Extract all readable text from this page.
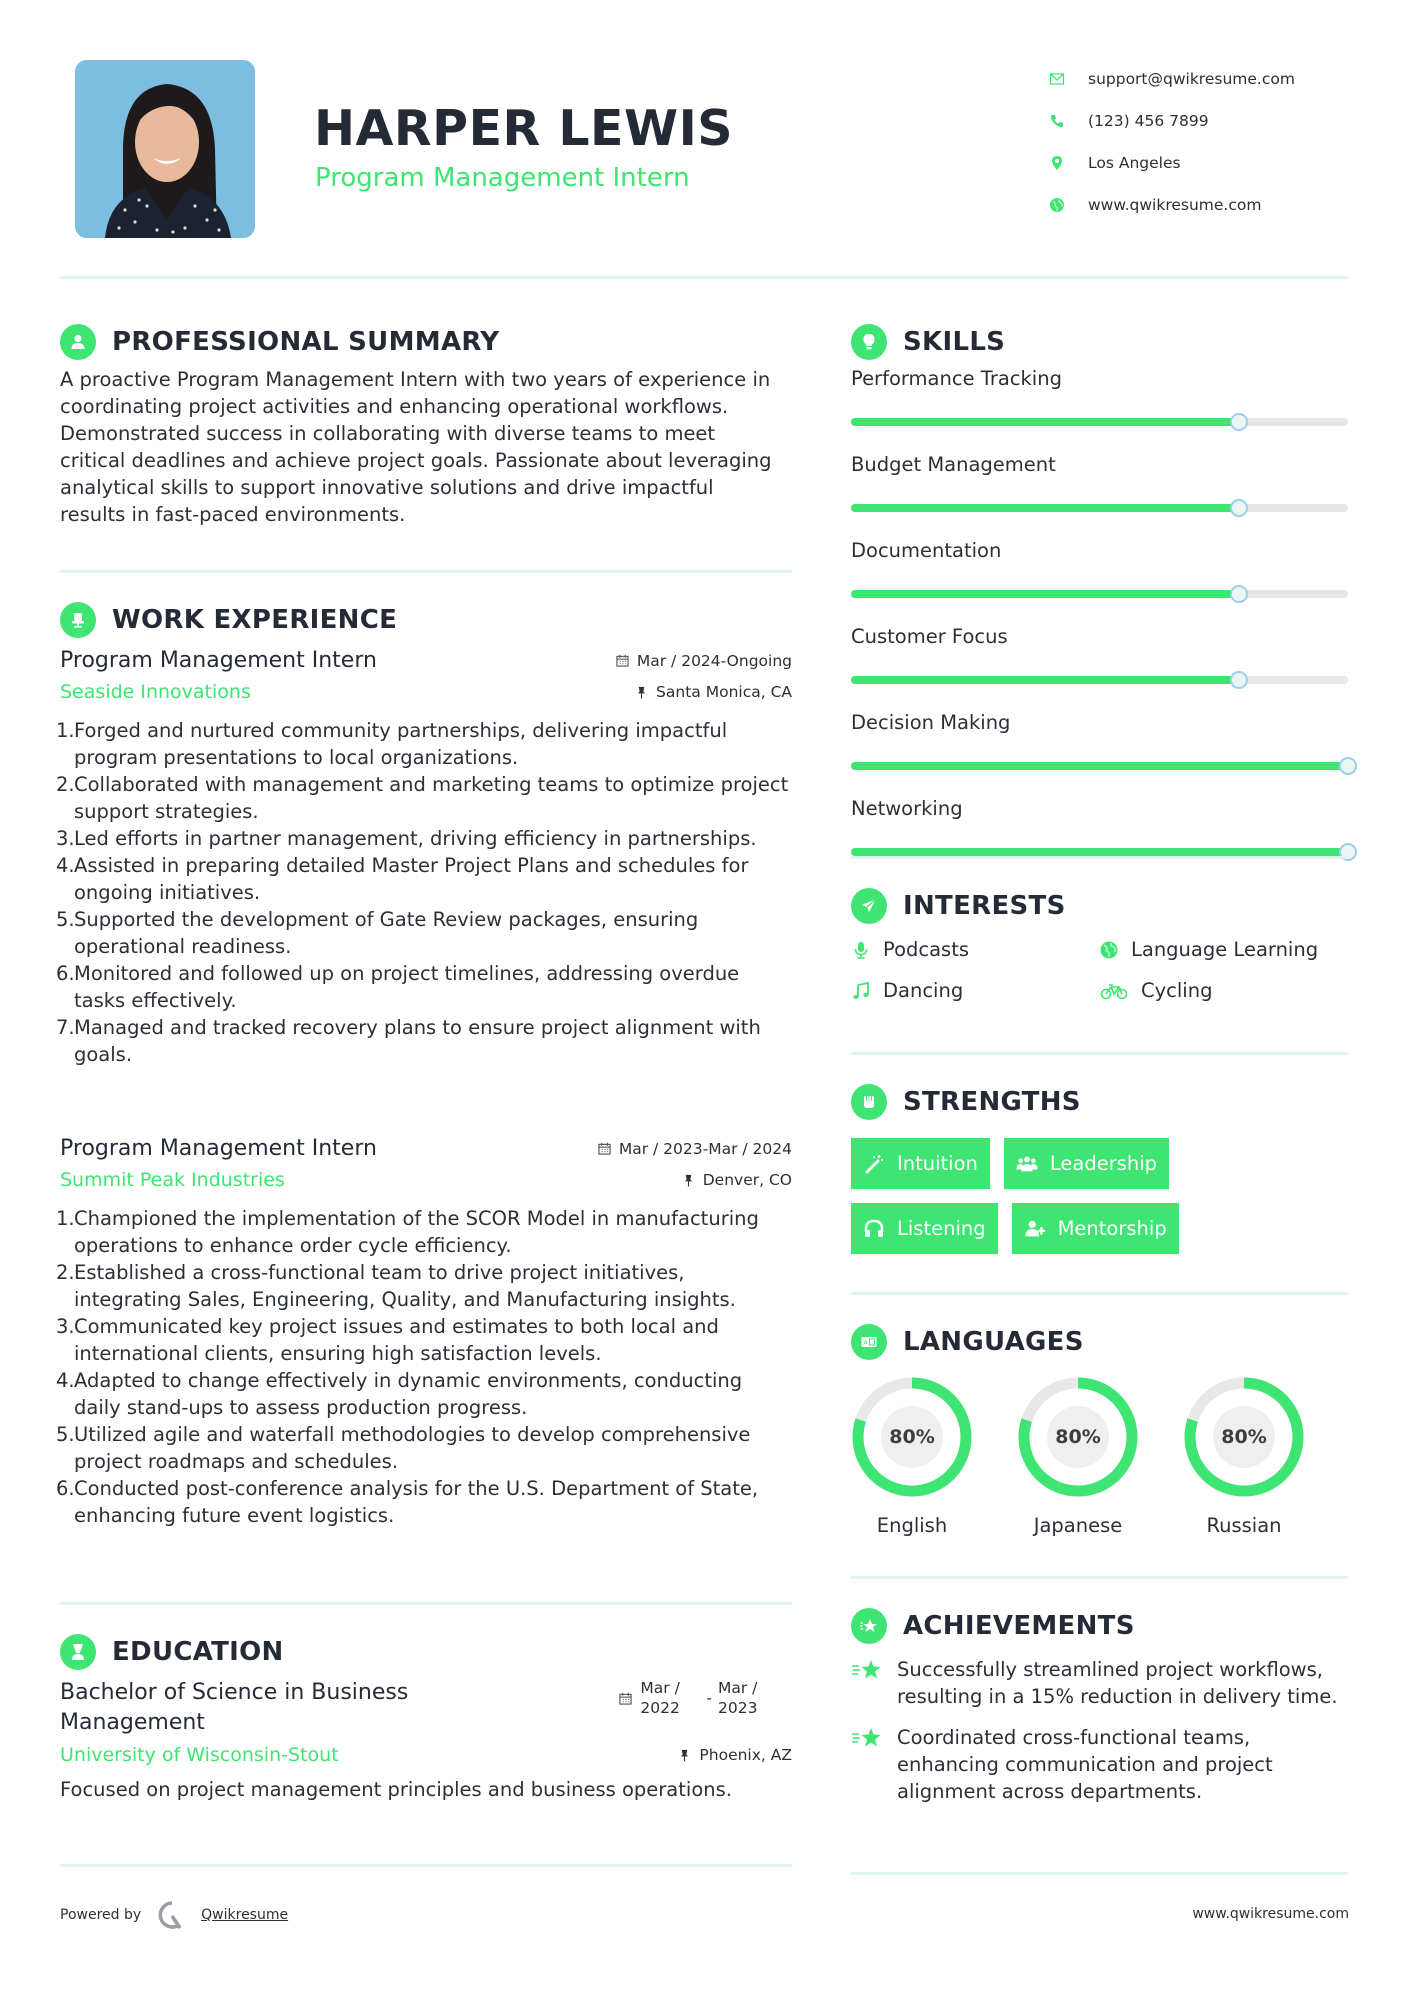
HARPER LEWIS
Program Management Intern
support@qwikresume.com
(123) 456 7899
Los Angeles
www.qwikresume.com
PROFESSIONAL SUMMARY

A proactive Program Management Intern with two years of experience in coordinating project activities and enhancing operational workflows. Demonstrated success in collaborating with diverse teams to meet critical deadlines and achieve project goals. Passionate about leveraging analytical skills to support innovative solutions and drive impactful results in fast-paced environments.

WORK EXPERIENCE
Program Management Intern	Mar / 2024-Ongoing
Seaside Innovations	Santa Monica, CA
1. Forged and nurtured community partnerships, delivering impactful program presentations to local organizations.
2. Collaborated with management and marketing teams to optimize project support strategies.
3. Led efforts in partner management, driving efficiency in partnerships.
4. Assisted in preparing detailed Master Project Plans and schedules for ongoing initiatives.
5. Supported the development of Gate Review packages, ensuring operational readiness.
6. Monitored and followed up on project timelines, addressing overdue tasks effectively.
7. Managed and tracked recovery plans to ensure project alignment with goals.
Program Management Intern	Mar / 2023-Mar / 2024
Summit Peak Industries	Denver, CO
1. Championed the implementation of the SCOR Model in manufacturing operations to enhance order cycle efficiency.
2. Established a cross-functional team to drive project initiatives, integrating Sales, Engineering, Quality, and Manufacturing insights.
3. Communicated key project issues and estimates to both local and international clients, ensuring high satisfaction levels.
4. Adapted to change effectively in dynamic environments, conducting daily stand-ups to assess production progress.
5. Utilized agile and waterfall methodologies to develop comprehensive project roadmaps and schedules.
6. Conducted post-conference analysis for the U.S. Department of State, enhancing future event logistics.
EDUCATION
Bachelor of Science in Business Management
Mar / 2022
-
Mar / 2023
University of Wisconsin-Stout	Phoenix, AZ

Focused on project management principles and business operations.

SKILLS
Performance Tracking
Budget Management
Documentation
Customer Focus
Decision Making
Networking
INTERESTS
Podcasts	Language Learning
Dancing	Cycling
STRENGTHS
Intuition	Leadership
Listening	Mentorship
A LANGUAGES
80%
English
80%
Japanese
80%
Russian
ACHIEVEMENTS
Successfully streamlined project workflows, resulting in a 15% reduction in delivery time.
Coordinated cross-functional teams, enhancing communication and project alignment across departments.
Powered by	Qwikresume	www.qwikresume.com
